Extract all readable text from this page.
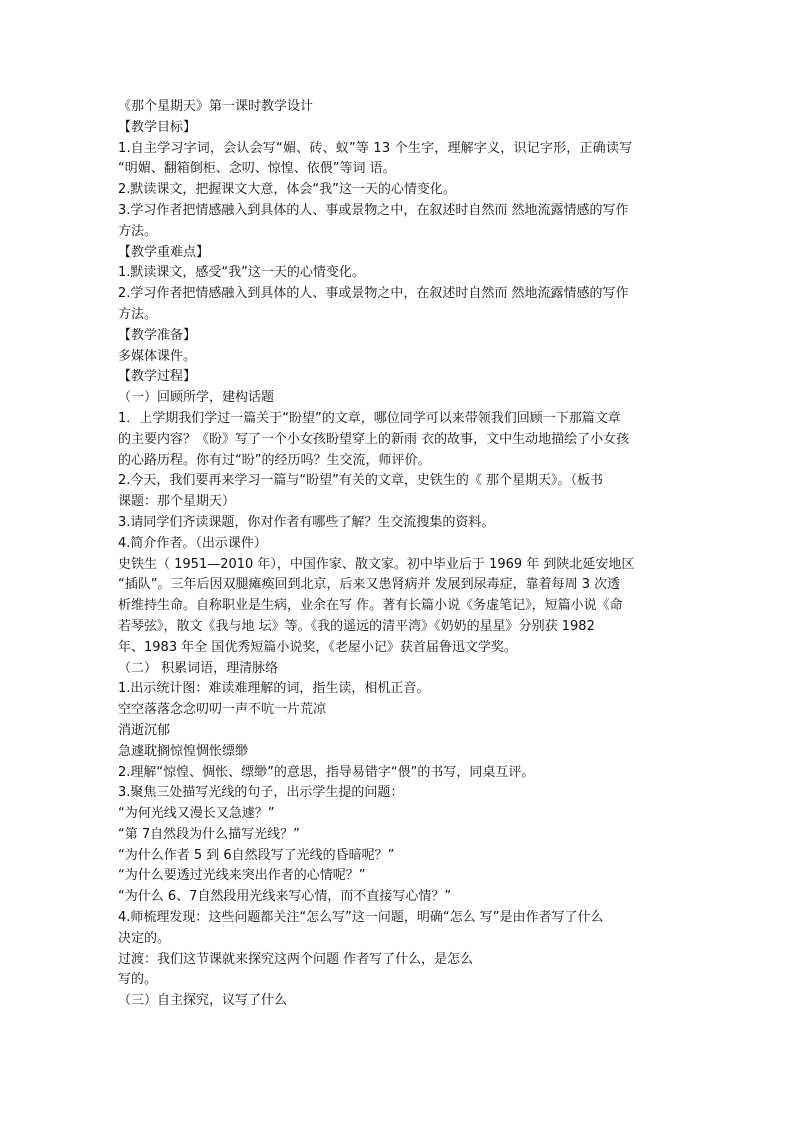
《那个星期天》第一课时教学设计
【教学目标】
1.自主学习字词，会认会写“媚、砖、蚁”等 13 个生字，理解字义，识记字形，正确读写
“明媚、翻箱倒柜、念叨、惊惶、依偎”等词 语。
2.默读课文，把握课文大意，体会“我”这一天的心情变化。
3.学习作者把情感融入到具体的人、事或景物之中，在叙述时自然而 然地流露情感的写作
方法。
【教学重难点】
1.默读课文，感受“我”这一天的心情变化。
2.学习作者把情感融入到具体的人、事或景物之中，在叙述时自然而 然地流露情感的写作
方法。
【教学准备】
多媒体课件。
【教学过程】
（一）回顾所学，建构话题
1．上学期我们学过一篇关于“盼望”的文章，哪位同学可以来带领我们回顾一下那篇文章
的主要内容？《盼》写了一个小女孩盼望穿上的新雨 衣的故事，文中生动地描绘了小女孩
的心路历程。你有过“盼”的经历吗？生交流，师评价。
2.今天，我们要再来学习一篇与“盼望”有关的文章，史铁生的《 那个星期天》。（板书
课题：那个星期天）
3.请同学们齐读课题，你对作者有哪些了解？生交流搜集的资料。
4.简介作者。（出示课件）
史铁生（ 1951—2010 年），中国作家、散文家。初中毕业后于 1969 年 到陕北延安地区
“插队”。三年后因双腿瘫痪回到北京，后来又患肾病并 发展到尿毒症，靠着每周 3 次透
析维持生命。自称职业是生病，业余在写 作。著有长篇小说《务虚笔记》，短篇小说《命
若琴弦》，散文《我与地 坛》等。《我的遥远的清平湾》《奶奶的星星》分别获 1982
年、1983 年全 国优秀短篇小说奖，《老屋小记》获首届鲁迅文学奖。
（二） 积累词语，理清脉络
1.出示统计图：难读难理解的词，指生读，相机正音。
空空落落念念叨叨一声不吭一片荒凉
消逝沉郁
急遽耽搁惊惶惆怅缥缈
2.理解“惊惶、惆怅、缥缈”的意思，指导易错字“偎”的书写，同桌互评。
3.聚焦三处描写光线的句子，出示学生提的问题：
“为何光线又漫长又急遽？”
“第 7自然段为什么描写光线？”
“为什么作者 5 到 6自然段写了光线的昏暗呢？”
“为什么要透过光线来突出作者的心情呢？”
“为什么 6、7自然段用光线来写心情，而不直接写心情？”
4.师梳理发现：这些问题都关注“怎么写”这一问题，明确“怎么 写”是由作者写了什么
决定的。
过渡：我们这节课就来探究这两个问题 作者写了什么，是怎么
写的。
（三）自主探究，议写了什么
